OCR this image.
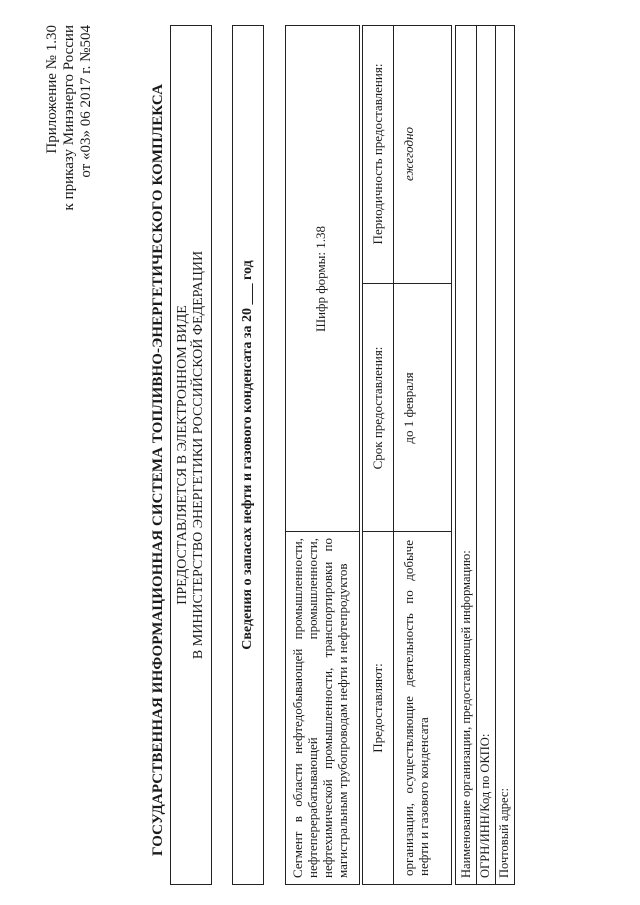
Приложение № 1.30 к приказу Минэнерго России от «03» 06 2017 г. №504	ГОСУДАРСТВЕННАЯ ИНФОРМАЦИОННАЯ СИСТЕМА ТОПЛИВНО-ЭНЕРГЕТИЧЕСКОГО КОМПЛЕКСА ПРЕДОСТАВЛЯЕТСЯ В ЭЛЕКТРОННОМ ВИДЕ В МИНИСТЕРСТВО ЭНЕРГЕТИКИ РОССИЙСКОЙ ФЕДЕРАЦИИ	Сведения о запасах нефти и газового конденсата за 20 ___ год
Сегмент в области нефтедобывающей промышленности, нефтеперерабатывающей промышленности, нефтехимической промышленности, транспортировки по магистральным трубопроводам нефти и нефтепродуктов
Шифр формы: 1.38
Предоставляют:
Срок предоставления:
Периодичность предоставления:
организации, осуществляющие деятельность по добыче нефти и газового конденсата
до 1 февраля
ежегодно
Наименование организации, предоставляющей информацию: ОГРН/ИНН/Код по ОКПО: Почтовый адрес:
